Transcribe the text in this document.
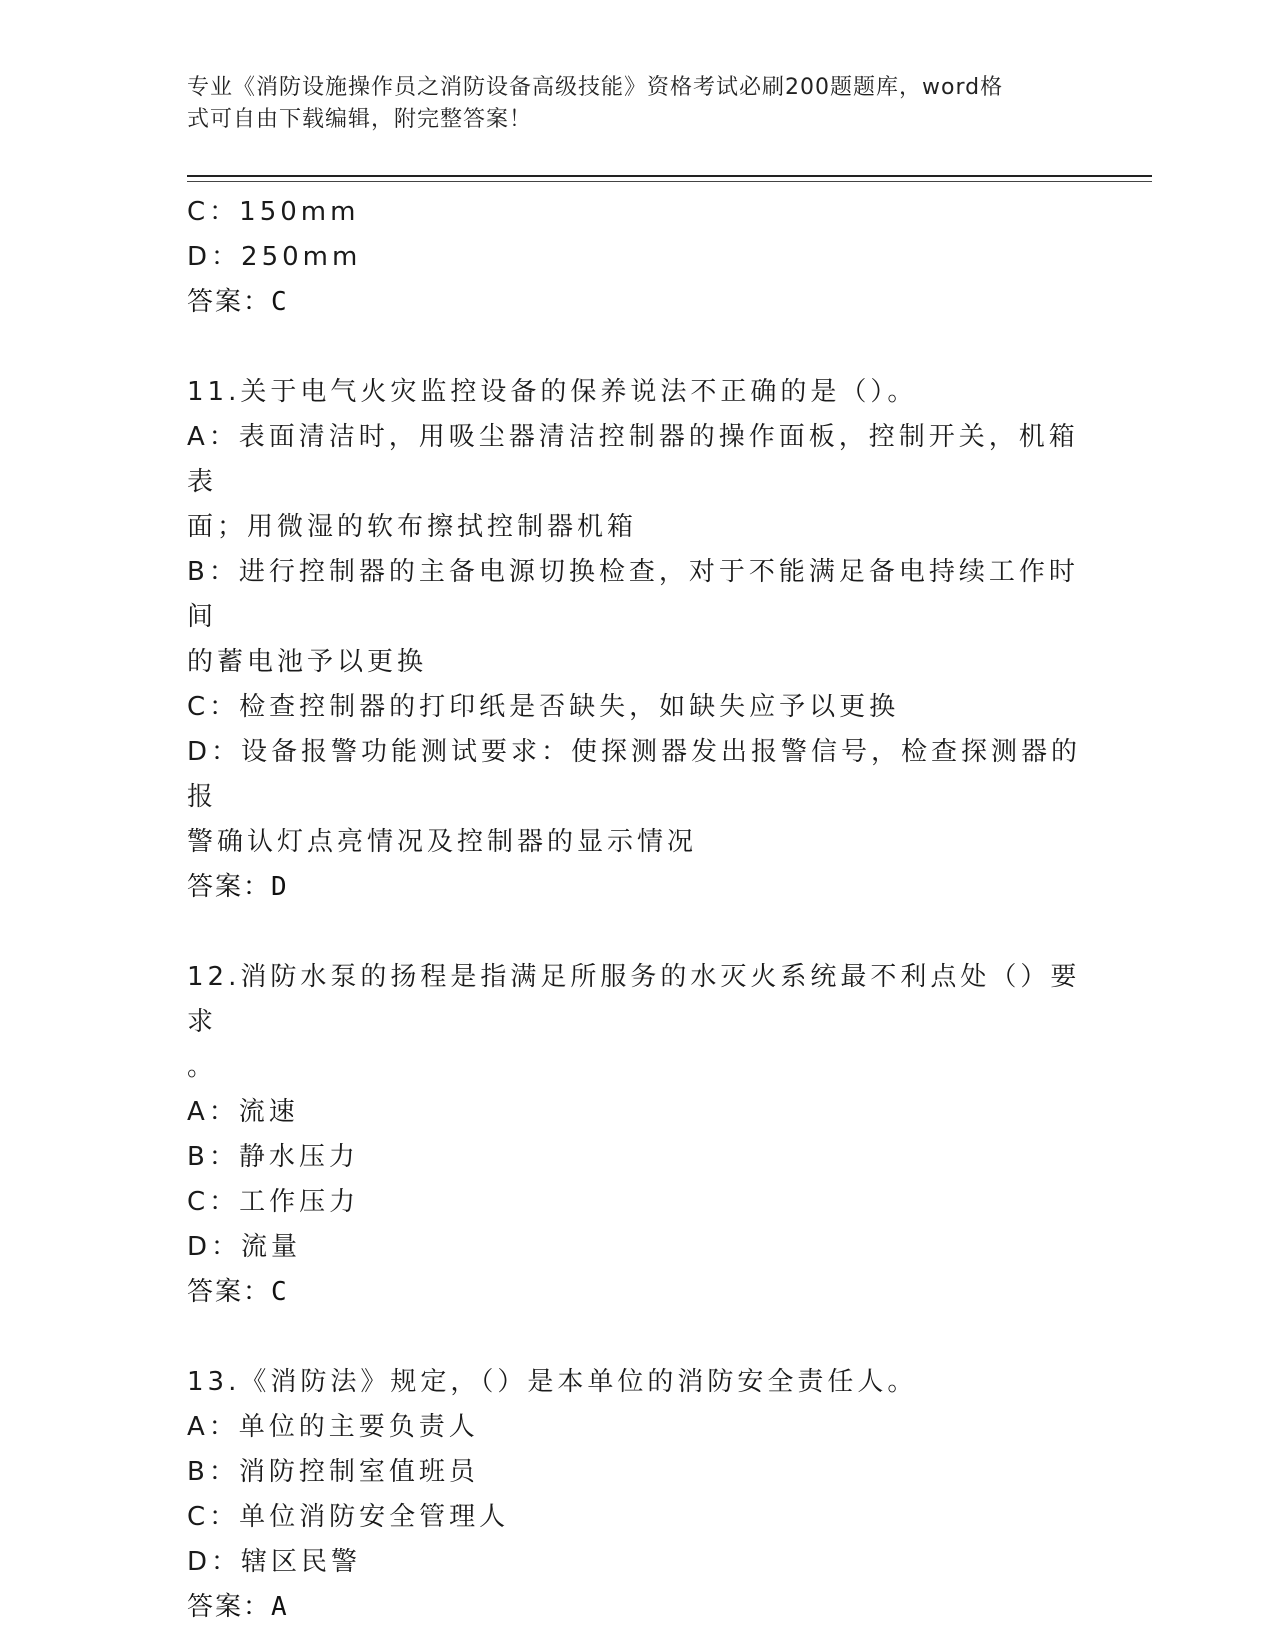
专业《消防设施操作员之消防设备高级技能》资格考试必刷200题题库，word格
式可自由下载编辑，附完整答案！
C：150mm
D：250mm
答案：C
11.关于电气火灾监控设备的保养说法不正确的是（）。
A：表面清洁时，用吸尘器清洁控制器的操作面板，控制开关，机箱表
面；用微湿的软布擦拭控制器机箱
B：进行控制器的主备电源切换检查，对于不能满足备电持续工作时间
的蓄电池予以更换
C：检查控制器的打印纸是否缺失，如缺失应予以更换
D：设备报警功能测试要求：使探测器发出报警信号，检查探测器的报
警确认灯点亮情况及控制器的显示情况
答案：D
12.消防水泵的扬程是指满足所服务的水灭火系统最不利点处（）要求
。
A：流速
B：静水压力
C：工作压力
D：流量
答案：C
13.《消防法》规定，（）是本单位的消防安全责任人。
A：单位的主要负责人
B：消防控制室值班员
C：单位消防安全管理人
D：辖区民警
答案：A
